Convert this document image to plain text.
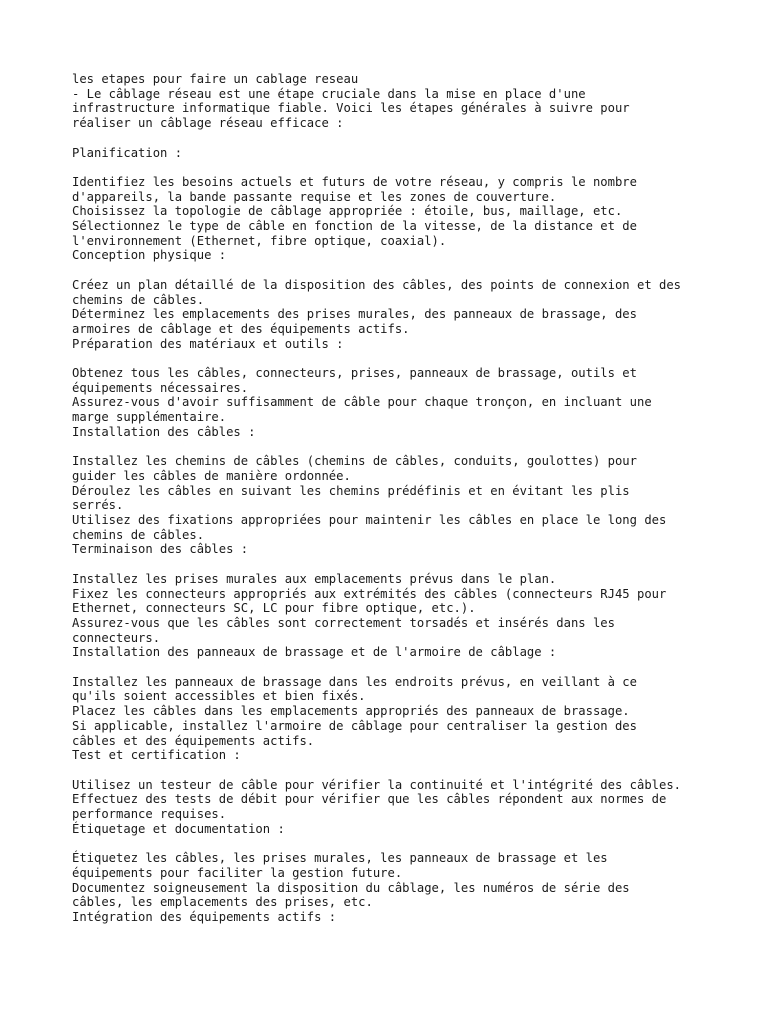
les etapes pour faire un cablage reseau
- Le câblage réseau est une étape cruciale dans la mise en place d'une
infrastructure informatique fiable. Voici les étapes générales à suivre pour
réaliser un câblage réseau efficace :
Planification :
Identifiez les besoins actuels et futurs de votre réseau, y compris le nombre
d'appareils, la bande passante requise et les zones de couverture.
Choisissez la topologie de câblage appropriée : étoile, bus, maillage, etc.
Sélectionnez le type de câble en fonction de la vitesse, de la distance et de
l'environnement (Ethernet, fibre optique, coaxial).
Conception physique :
Créez un plan détaillé de la disposition des câbles, des points de connexion et des
chemins de câbles.
Déterminez les emplacements des prises murales, des panneaux de brassage, des
armoires de câblage et des équipements actifs.
Préparation des matériaux et outils :
Obtenez tous les câbles, connecteurs, prises, panneaux de brassage, outils et
équipements nécessaires.
Assurez-vous d'avoir suffisamment de câble pour chaque tronçon, en incluant une
marge supplémentaire.
Installation des câbles :
Installez les chemins de câbles (chemins de câbles, conduits, goulottes) pour
guider les câbles de manière ordonnée.
Déroulez les câbles en suivant les chemins prédéfinis et en évitant les plis
serrés.
Utilisez des fixations appropriées pour maintenir les câbles en place le long des
chemins de câbles.
Terminaison des câbles :
Installez les prises murales aux emplacements prévus dans le plan.
Fixez les connecteurs appropriés aux extrémités des câbles (connecteurs RJ45 pour
Ethernet, connecteurs SC, LC pour fibre optique, etc.).
Assurez-vous que les câbles sont correctement torsadés et insérés dans les
connecteurs.
Installation des panneaux de brassage et de l'armoire de câblage :
Installez les panneaux de brassage dans les endroits prévus, en veillant à ce
qu'ils soient accessibles et bien fixés.
Placez les câbles dans les emplacements appropriés des panneaux de brassage.
Si applicable, installez l'armoire de câblage pour centraliser la gestion des
câbles et des équipements actifs.
Test et certification :
Utilisez un testeur de câble pour vérifier la continuité et l'intégrité des câbles.
Effectuez des tests de débit pour vérifier que les câbles répondent aux normes de
performance requises.
Étiquetage et documentation :
Étiquetez les câbles, les prises murales, les panneaux de brassage et les
équipements pour faciliter la gestion future.
Documentez soigneusement la disposition du câblage, les numéros de série des
câbles, les emplacements des prises, etc.
Intégration des équipements actifs :
